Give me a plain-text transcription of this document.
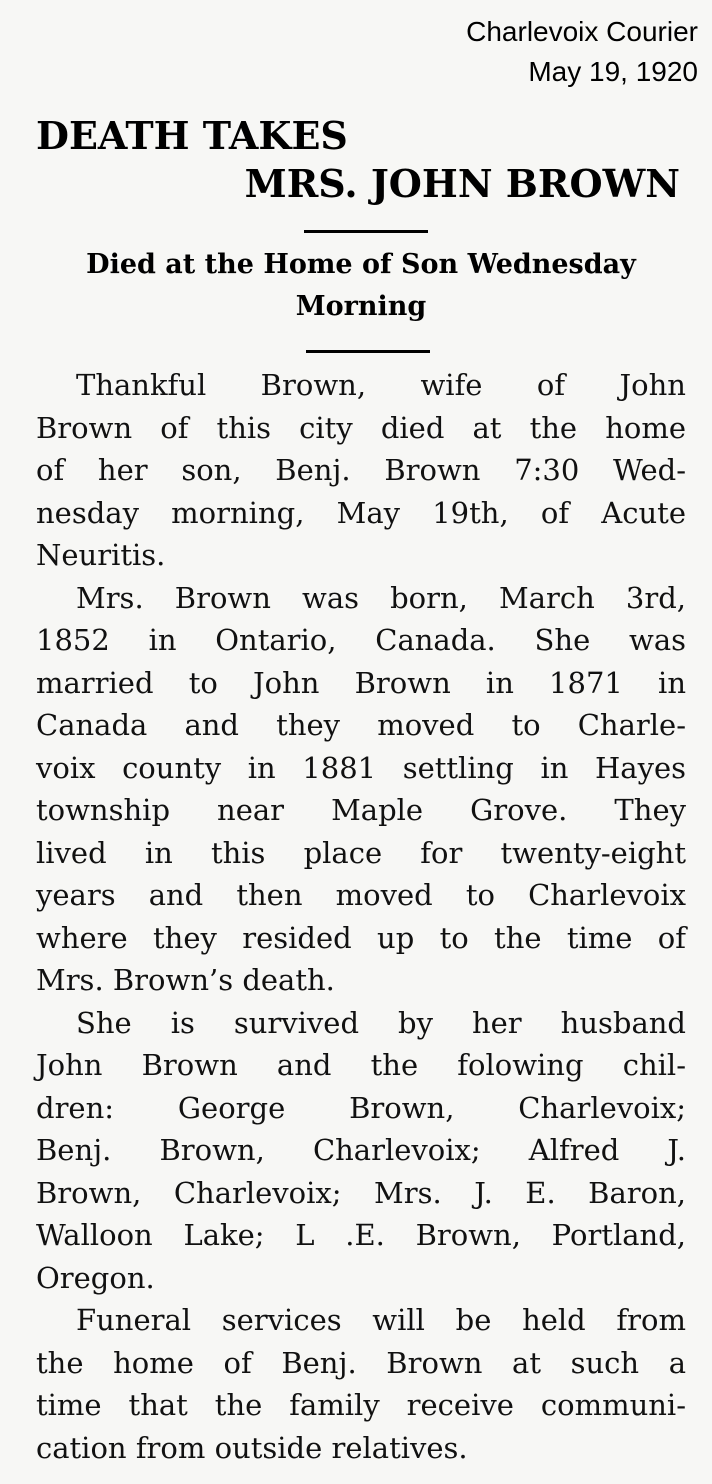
Charlevoix Courier
May 19, 1920
DEATH TAKES
MRS. JOHN BROWN
Died at the Home of Son Wednesday Morning
Thankful Brown, wife of John
Brown of this city died at the home
of her son, Benj. Brown 7:30 Wed-
nesday morning, May 19th, of Acute
Neuritis.
Mrs. Brown was born, March 3rd,
1852 in Ontario, Canada. She was
married to John Brown in 1871 in
Canada and they moved to Charle-
voix county in 1881 settling in Hayes
township near Maple Grove. They
lived in this place for twenty-eight
years and then moved to Charlevoix
where they resided up to the time of
Mrs. Brown’s death.
She is survived by her husband
John Brown and the folowing chil-
dren: George Brown, Charlevoix;
Benj. Brown, Charlevoix; Alfred J.
Brown, Charlevoix; Mrs. J. E. Baron,
Walloon Lake; L .E. Brown, Portland,
Oregon.
Funeral services will be held from
the home of Benj. Brown at such a
time that the family receive communi-
cation from outside relatives.
